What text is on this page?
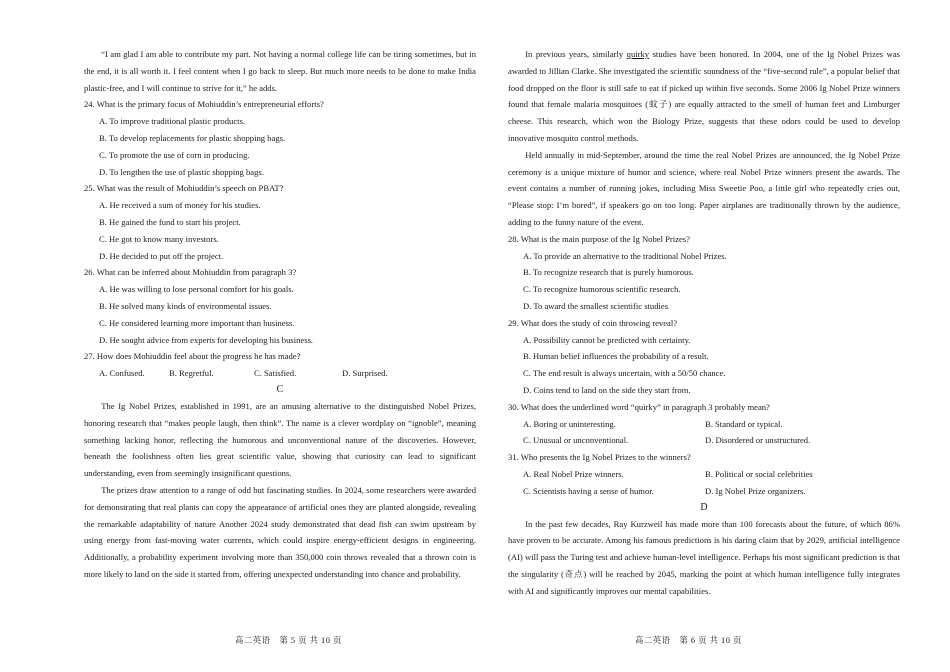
“I am glad I am able to contribute my part. Not having a normal college life can be tiring sometimes, but in the end, it is all worth it. I feel content when I go back to sleep. But much more needs to be done to make India plastic-free, and I will continue to strive for it,” he adds.

24. What is the primary focus of Mohiuddin’s entrepreneurial efforts?

A. To improve traditional plastic products.

B. To develop replacements for plastic shopping bags.

C. To promote the use of corn in producing.

D. To lengthen the use of plastic shopping bags.

25. What was the result of Mohiuddin’s speech on PBAT?

A. He received a sum of money for his studies.

B. He gained the fund to start his project.

C. He got to know many investors.

D. He decided to put off the project.

26. What can be inferred about Mohiuddin from paragraph 3?

A. He was willing to lose personal comfort for his goals.

B. He solved many kinds of environmental issues.

C. He considered learning more important than business.

D. He sought advice from experts for developing his business.

27. How does Mohiuddin feel about the progress he has made?

A. Confused.	B. Regretful.	C. Satisfied.	D. Surprised.

C

The Ig Nobel Prizes, established in 1991, are an amusing alternative to the distinguished Nobel Prizes, honoring research that “makes people laugh, then think”. The name is a clever wordplay on “ignoble”, meaning something lacking honor, reflecting the humorous and unconventional nature of the discoveries. However, beneath the foolishness often lies great scientific value, showing that curiosity can lead to significant understanding, even from seemingly insignificant questions.

The prizes draw attention to a range of odd but fascinating studies. In 2024, some researchers were awarded for demonstrating that real plants can copy the appearance of artificial ones they are planted alongside, revealing the remarkable adaptability of nature Another 2024 study demonstrated that dead fish can swim upstream by using energy from fast-moving water currents, which could inspire energy-efficient designs in engineering. Additionally, a probability experiment involving more than 350,000 coin throws revealed that a thrown coin is more likely to land on the side it started from, offering unexpected understanding into chance and probability.

In previous years, similarly quirky studies have been honored. In 2004, one of the Ig Nobel Prizes was awarded to Jillian Clarke. She investigated the scientific soundness of the “five-second rule”, a popular belief that food dropped on the floor is still safe to eat if picked up within five seconds. Some 2006 Ig Nobel Prize winners found that female malaria mosquitoes (蚊子) are equally attracted to the smell of human feet and Limburger cheese. This research, which won the Biology Prize, suggests that these odors could be used to develop innovative mosquito control methods.

Held annually in mid-September, around the time the real Nobel Prizes are announced, the Ig Nobel Prize ceremony is a unique mixture of humor and science, where real Nobel Prize winners present the awards. The event contains a number of running jokes, including Miss Sweetie Poo, a little girl who repeatedly cries out, “Please stop: I’m bored”, if speakers go on too long. Paper airplanes are traditionally thrown by the audience, adding to the funny nature of the event.

28. What is the main purpose of the Ig Nobel Prizes?

A. To provide an alternative to the traditional Nobel Prizes.

B. To recognize research that is purely humorous.

C. To recognize humorous scientific research.

D. To award the smallest scientific studies

29. What does the study of coin throwing reveal?

A. Possibility cannot be predicted with certainty.

B. Human belief influences the probability of a result.

C. The end result is always uncertain, with a 50/50 chance.

D. Coins tend to land on the side they start from.

30. What does the underlined word “quirky” in paragraph 3 probably mean?

A. Boring or uninteresting.	B. Standard or typical.
C. Unusual or unconventional.	D. Disordered or unstructured.

31. Who presents the Ig Nobel Prizes to the winners?

A. Real Nobel Prize winners.	B. Political or social celebrities
C. Scientists having a sense of humor.	D. Ig Nobel Prize organizers.

D

In the past few decades, Ray Kurzweil has made more than 100 forecasts about the future, of which 86% have proven to be accurate. Among his famous predictions is his daring claim that by 2029, artificial intelligence (AI) will pass the Turing test and achieve human-level intelligence. Perhaps his most significant prediction is that the singularity (奇点) will be reached by 2045, marking the point at which human intelligence fully integrates with AI and significantly improves our mental capabilities.

高二英语　第 5 页 共 10 页	高二英语　第 6 页 共 10 页
